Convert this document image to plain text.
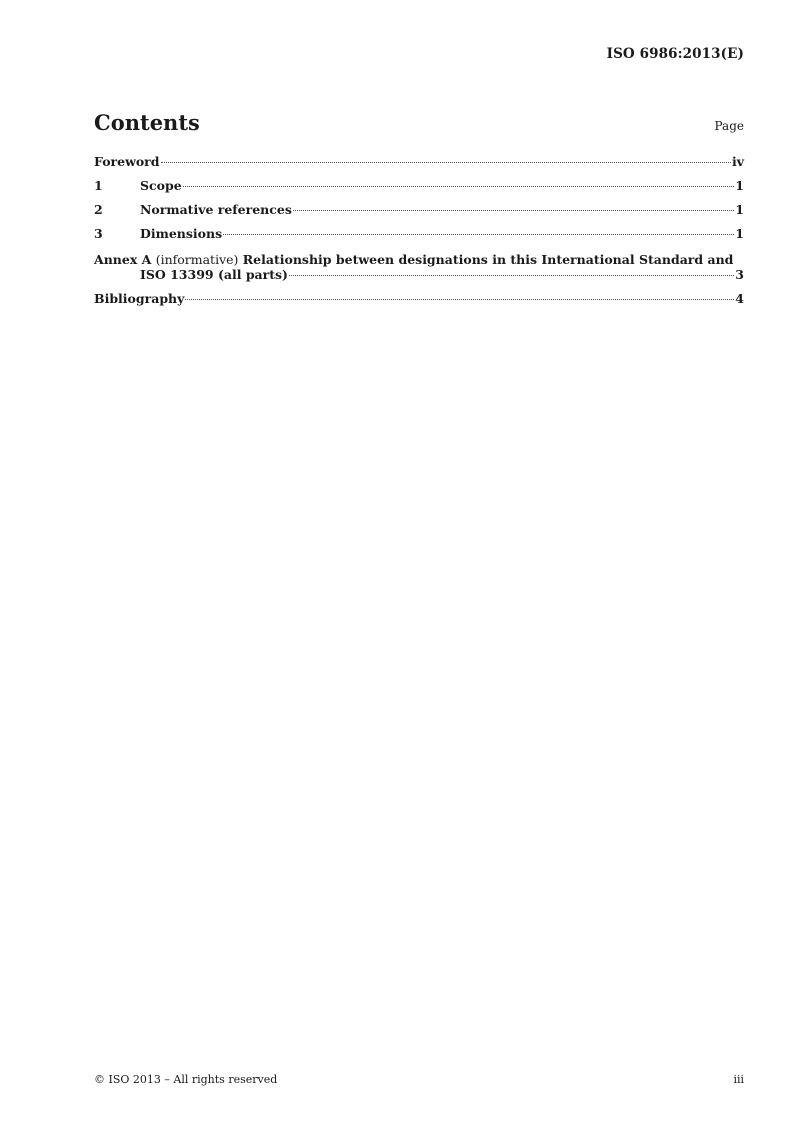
ISO 6986:2013(E)
Contents	Page
Foreword	iv
1	Scope	1
2	Normative references	1
3	Dimensions	1
Annex A (informative) Relationship between designations in this International Standard and
ISO 13399 (all parts)	3
Bibliography	4
© ISO 2013 – All rights reserved	iii
